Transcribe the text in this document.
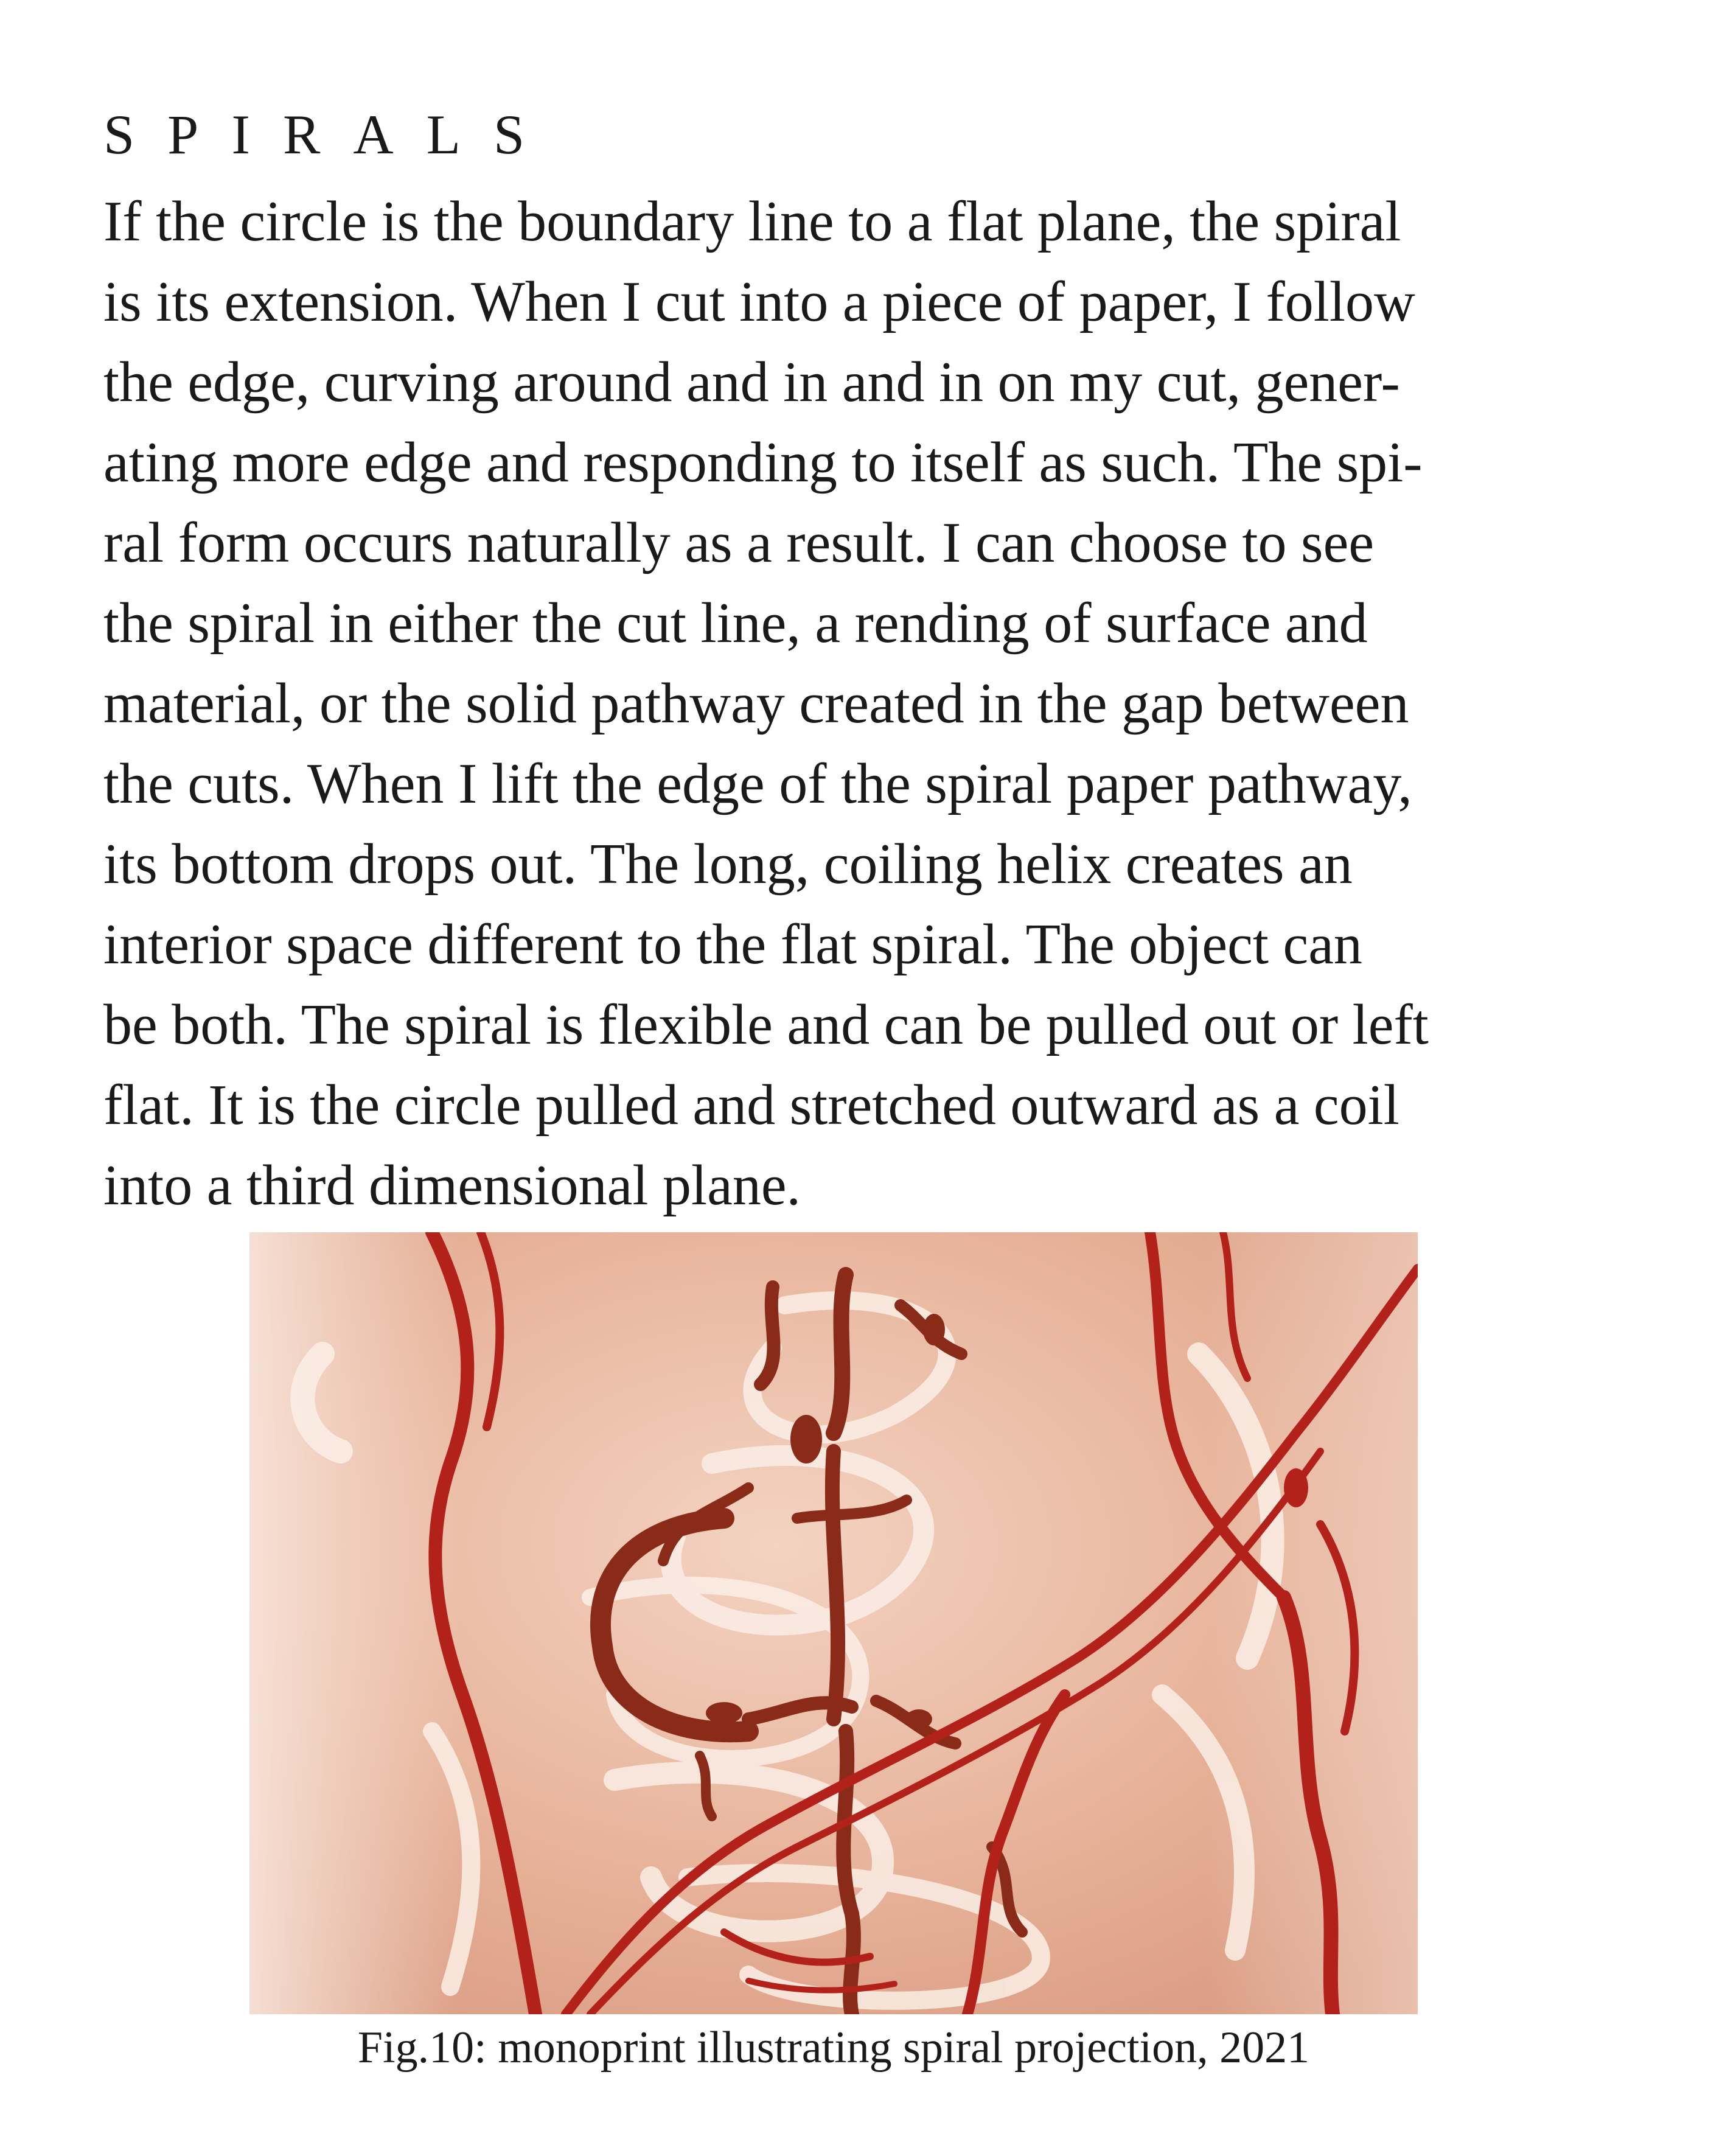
SPIRALS
If the circle is the boundary line to a flat plane, the spiral
is its extension. When I cut into a piece of paper, I follow
the edge, curving around and in and in on my cut, gener-
ating more edge and responding to itself as such. The spi-
ral form occurs naturally as a result. I can choose to see
the spiral in either the cut line, a rending of surface and
material, or the solid pathway created in the gap between
the cuts. When I lift the edge of the spiral paper pathway,
its bottom drops out. The long, coiling helix creates an
interior space different to the flat spiral. The object can
be both. The spiral is flexible and can be pulled out or left
flat. It is the circle pulled and stretched outward as a coil
into a third dimensional plane.
Fig.10: monoprint illustrating spiral projection, 2021
